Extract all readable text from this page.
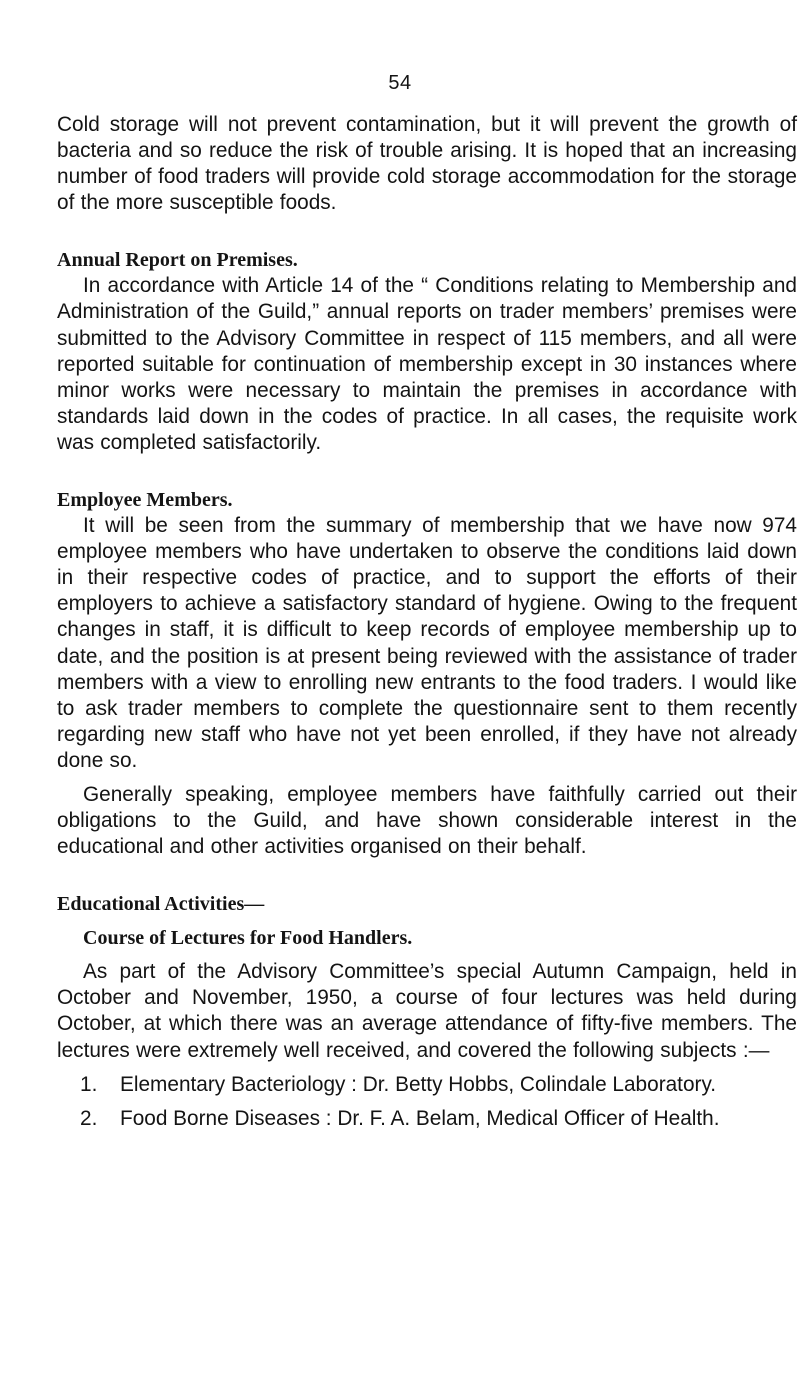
54

Cold storage will not prevent contamination, but it will prevent the growth of bacteria and so reduce the risk of trouble arising. It is hoped that an increasing number of food traders will provide cold storage accommodation for the storage of the more susceptible foods.

Annual Report on Premises.

In accordance with Article 14 of the “ Conditions relating to Membership and Administration of the Guild,” annual reports on trader members’ premises were submitted to the Advisory Committee in respect of 115 members, and all were reported suitable for continuation of membership except in 30 instances where minor works were necessary to maintain the premises in accordance with standards laid down in the codes of practice. In all cases, the requisite work was completed satisfactorily.

Employee Members.

It will be seen from the summary of membership that we have now 974 employee members who have undertaken to observe the conditions laid down in their respective codes of practice, and to support the efforts of their employers to achieve a satisfactory standard of hygiene. Owing to the frequent changes in staff, it is difficult to keep records of employee membership up to date, and the position is at present being reviewed with the assistance of trader members with a view to enrolling new entrants to the food traders. I would like to ask trader members to complete the questionnaire sent to them recently regarding new staff who have not yet been enrolled, if they have not already done so.

Generally speaking, employee members have faithfully carried out their obligations to the Guild, and have shown considerable interest in the educational and other activities organised on their behalf.

Educational Activities—
Course of Lectures for Food Handlers.

As part of the Advisory Committee’s special Autumn Campaign, held in October and November, 1950, a course of four lectures was held during October, at which there was an average attendance of fifty-five members. The lectures were extremely well received, and covered the following subjects :—

1.	Elementary Bacteriology : Dr. Betty Hobbs, Colindale Laboratory.
2.	Food Borne Diseases : Dr. F. A. Belam, Medical Officer of Health.
